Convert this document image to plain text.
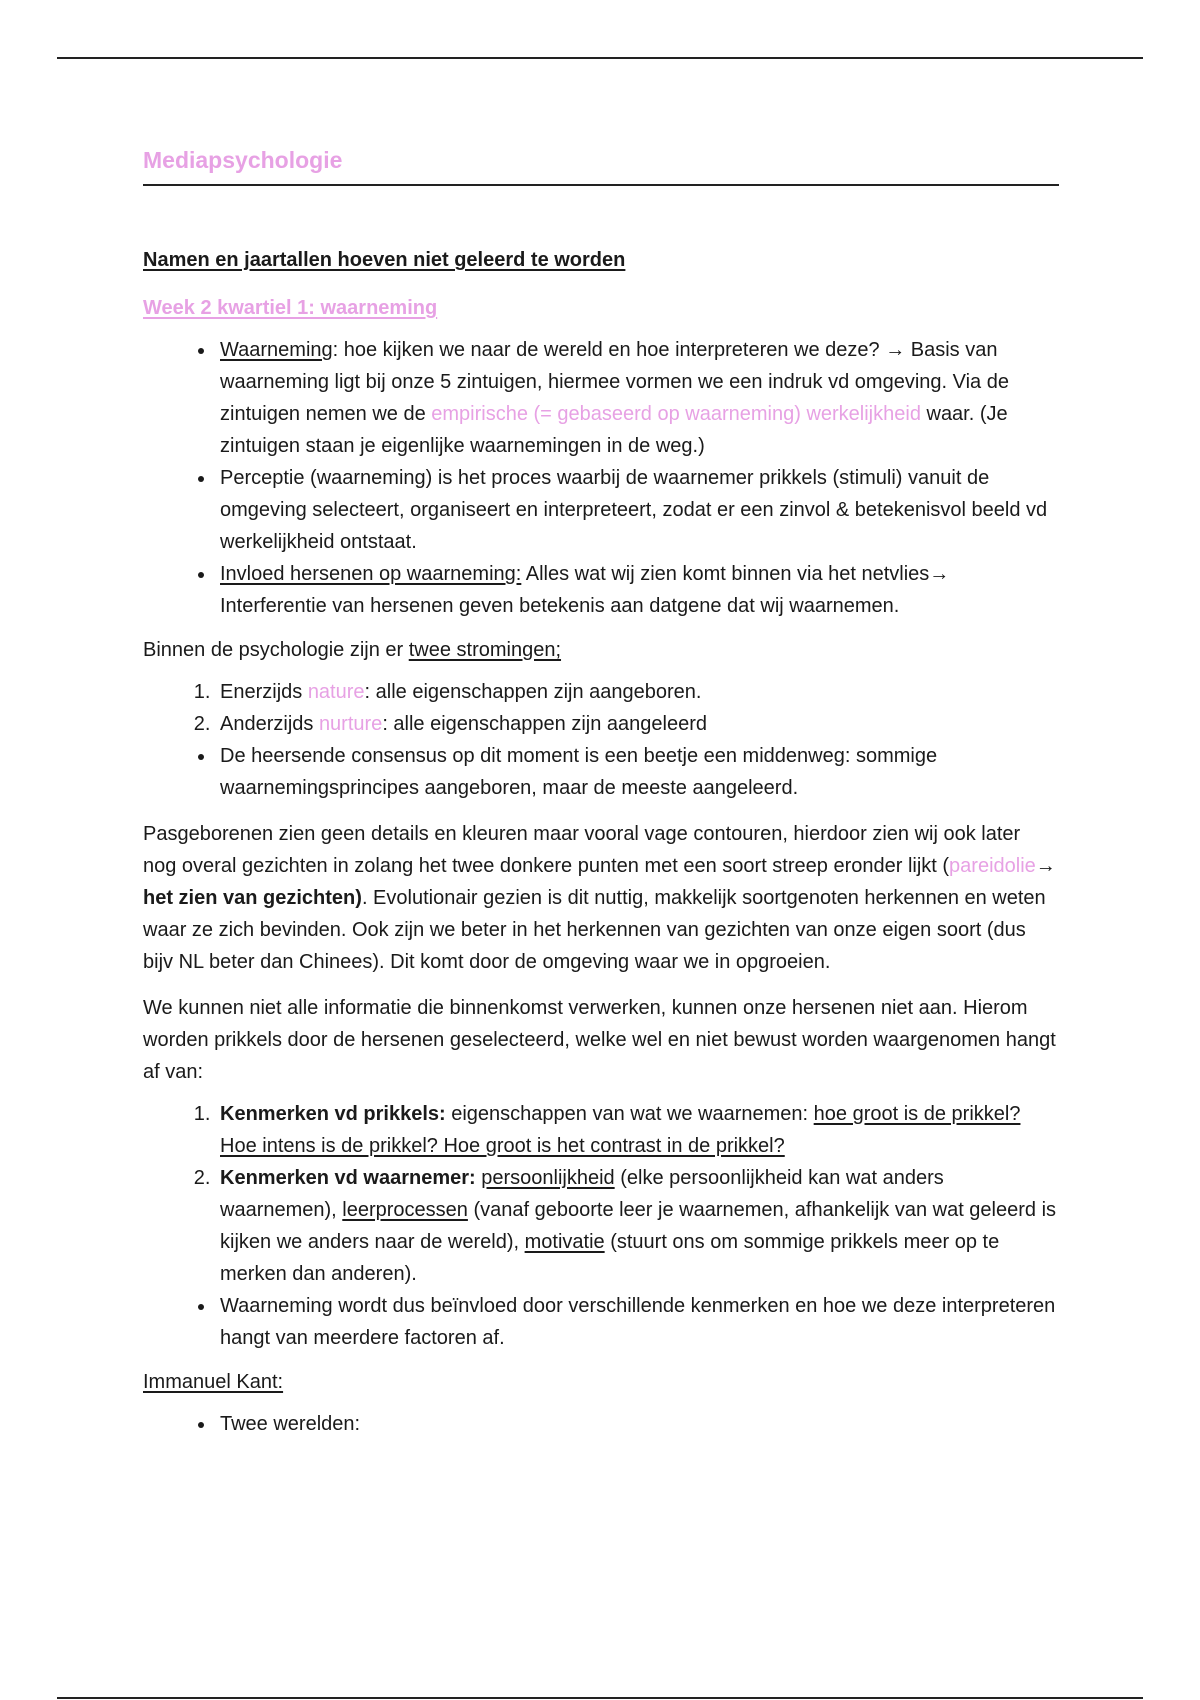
Mediapsychologie

Namen en jaartallen hoeven niet geleerd te worden

Week 2 kwartiel 1: waarneming

• Waarneming: hoe kijken we naar de wereld en hoe interpreteren we deze? → Basis van waarneming ligt bij onze 5 zintuigen, hiermee vormen we een indruk vd omgeving. Via de zintuigen nemen we de empirische (= gebaseerd op waarneming) werkelijkheid waar. (Je zintuigen staan je eigenlijke waarnemingen in de weg.)
• Perceptie (waarneming) is het proces waarbij de waarnemer prikkels (stimuli) vanuit de omgeving selecteert, organiseert en interpreteert, zodat er een zinvol & betekenisvol beeld vd werkelijkheid ontstaat.
• Invloed hersenen op waarneming: Alles wat wij zien komt binnen via het netvlies→ Interferentie van hersenen geven betekenis aan datgene dat wij waarnemen.

Binnen de psychologie zijn er twee stromingen;

1. Enerzijds nature: alle eigenschappen zijn aangeboren.
2. Anderzijds nurture: alle eigenschappen zijn aangeleerd
• De heersende consensus op dit moment is een beetje een middenweg: sommige waarnemingsprincipes aangeboren, maar de meeste aangeleerd.

Pasgeborenen zien geen details en kleuren maar vooral vage contouren, hierdoor zien wij ook later nog overal gezichten in zolang het twee donkere punten met een soort streep eronder lijkt (pareidolie→ het zien van gezichten). Evolutionair gezien is dit nuttig, makkelijk soortgenoten herkennen en weten waar ze zich bevinden. Ook zijn we beter in het herkennen van gezichten van onze eigen soort (dus bijv NL beter dan Chinees). Dit komt door de omgeving waar we in opgroeien.

We kunnen niet alle informatie die binnenkomst verwerken, kunnen onze hersenen niet aan. Hierom worden prikkels door de hersenen geselecteerd, welke wel en niet bewust worden waargenomen hangt af van:

1. Kenmerken vd prikkels: eigenschappen van wat we waarnemen: hoe groot is de prikkel? Hoe intens is de prikkel? Hoe groot is het contrast in de prikkel?
2. Kenmerken vd waarnemer: persoonlijkheid (elke persoonlijkheid kan wat anders waarnemen), leerprocessen (vanaf geboorte leer je waarnemen, afhankelijk van wat geleerd is kijken we anders naar de wereld), motivatie (stuurt ons om sommige prikkels meer op te merken dan anderen).
• Waarneming wordt dus beïnvloed door verschillende kenmerken en hoe we deze interpreteren hangt van meerdere factoren af.

Immanuel Kant:

• Twee werelden:
